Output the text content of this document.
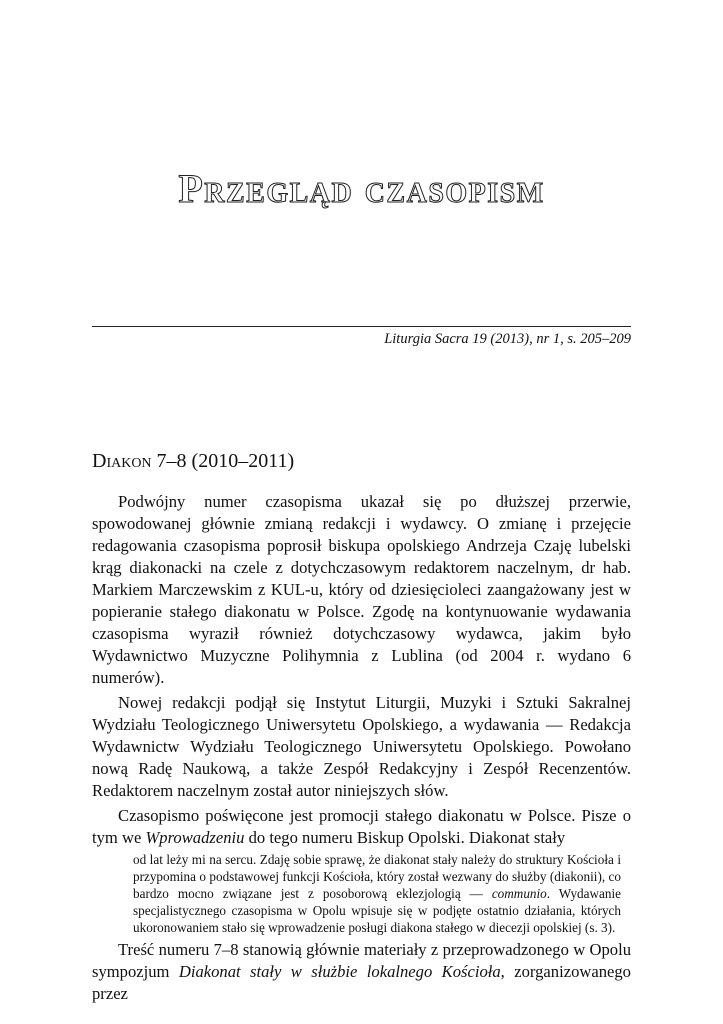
Przegląd czasopism
Liturgia Sacra 19 (2013), nr 1, s. 205–209
Diakon 7–8 (2010–2011)

Podwójny numer czasopisma ukazał się po dłuższej przerwie, spowodowanej głównie zmianą redakcji i wydawcy. O zmianę i przejęcie redagowania czasopisma poprosił biskupa opolskiego Andrzeja Czaję lubelski krąg diakonacki na czele z dotychczasowym redaktorem naczelnym, dr hab. Markiem Marczewskim z KUL-u, który od dziesięcioleci zaangażowany jest w popieranie stałego diakonatu w Polsce. Zgodę na kontynuowanie wydawania czasopisma wyraził również dotychczasowy wydawca, jakim było Wydawnictwo Muzyczne Polihymnia z Lublina (od 2004 r. wydano 6 numerów).

Nowej redakcji podjął się Instytut Liturgii, Muzyki i Sztuki Sakralnej Wydziału Teologicznego Uniwersytetu Opolskiego, a wydawania — Redakcja Wydawnictw Wydziału Teologicznego Uniwersytetu Opolskiego. Powołano nową Radę Naukową, a także Zespół Redakcyjny i Zespół Recenzentów. Redaktorem naczelnym został autor niniejszych słów.

Czasopismo poświęcone jest promocji stałego diakonatu w Polsce. Pisze o tym we Wprowadzeniu do tego numeru Biskup Opolski. Diakonat stały

od lat leży mi na sercu. Zdaję sobie sprawę, że diakonat stały należy do struktury Kościoła i przypomina o podstawowej funkcji Kościoła, który został wezwany do służby (diakonii), co bardzo mocno związane jest z posoborową eklezjologią — communio. Wydawanie specjalistycznego czasopisma w Opolu wpisuje się w podjęte ostatnio działania, których ukoronowaniem stało się wprowadzenie posługi diakona stałego w diecezji opolskiej (s. 3).

Treść numeru 7–8 stanowią głównie materiały z przeprowadzonego w Opolu sympozjum Diakonat stały w służbie lokalnego Kościoła, zorganizowanego przez
